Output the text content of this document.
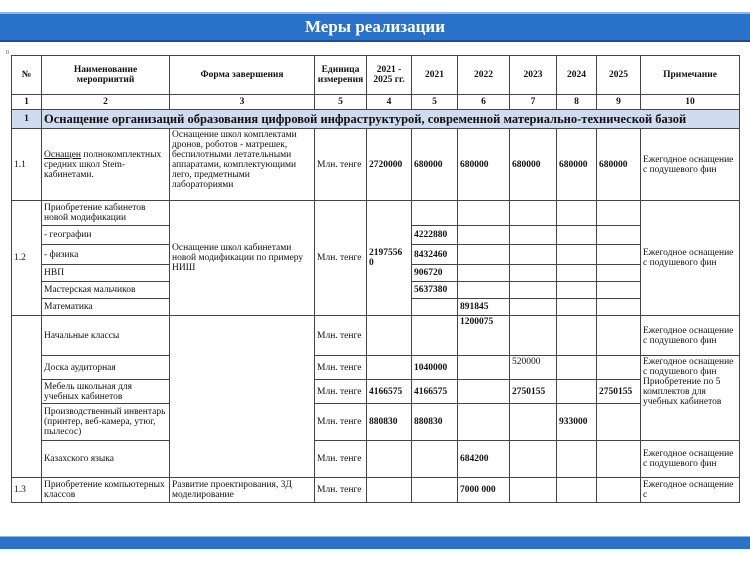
Меры реализации
0
№	Наименование мероприятий	Форма завершения	Единица измерения	2021 - 2025 гг.	2021	2022	2023	2024	2025	Примечание
1	2	3	5	4	5	6	7	8	9	10
1	Оснащение организаций образования цифровой инфраструктурой, современной материально-технической базой									
1.1	Оснащен полнокомплектных средних школ Stem-кабинетами.	Оснащение школ комплектами дронов, роботов - матрешек, беспилотными летательными аппаратами, комплектующими лего, предметными лабораториями	Млн. тенге	2720000	680000	680000	680000	680000	680000	Ежегодное оснащение с подушевого фин
1.2	Приобретение кабинетов новой модификации	Оснащение школ кабинетами новой модификации по примеру НИШ	Млн. тенге	2197556 0						Ежегодное оснащение с подушевого фин
	- географии				4222880					
	- физика				8432460					
	НВП				906720					
	Мастерская мальчиков				5637380					
	Математика					891845				
	Начальные классы		Млн. тенге			1200075				Ежегодное оснащение с подушевого фин
	Доска аудиторная		Млн. тенге		1040000		520000			Ежегодное оснащение с подушевого фин Приобретение по 5 комплектов для учебных кабинетов
	Мебель школьная для учебных кабинетов		Млн. тенге	4166575	4166575		2750155		2750155	
	Производственный инвентарь (принтер, веб-камера, утюг, пылесос)		Млн. тенге	880830	880830			933000		
	Казахского языка		Млн. тенге			684200				Ежегодное оснащение с подушевого фин
1.3	Приобретение компьютерных классов	Развитие проектирования, 3Д моделирование	Млн. тенге			7000 000				Ежегодное оснащение с
